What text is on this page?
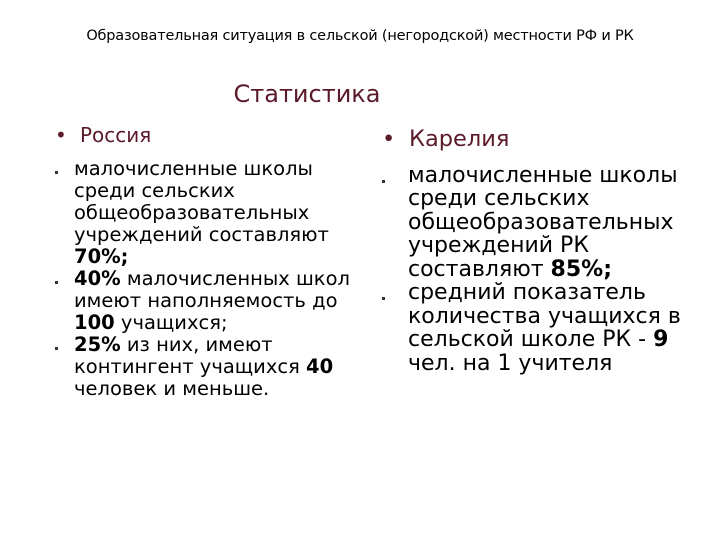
Образовательная ситуация в сельской (негородской) местности РФ и РК
Статистика
• Россия
малочисленные школы среди сельских общеобразовательных учреждений составляют 70%;
40% малочисленных школ имеют наполняемость до 100 учащихся;
25% из них, имеют контингент учащихся 40 человек и меньше.
• Карелия
малочисленные школы среди сельских общеобразовательных учреждений РК составляют 85%;
средний показатель количества учащихся в сельской школе РК - 9 чел. на 1 учителя
